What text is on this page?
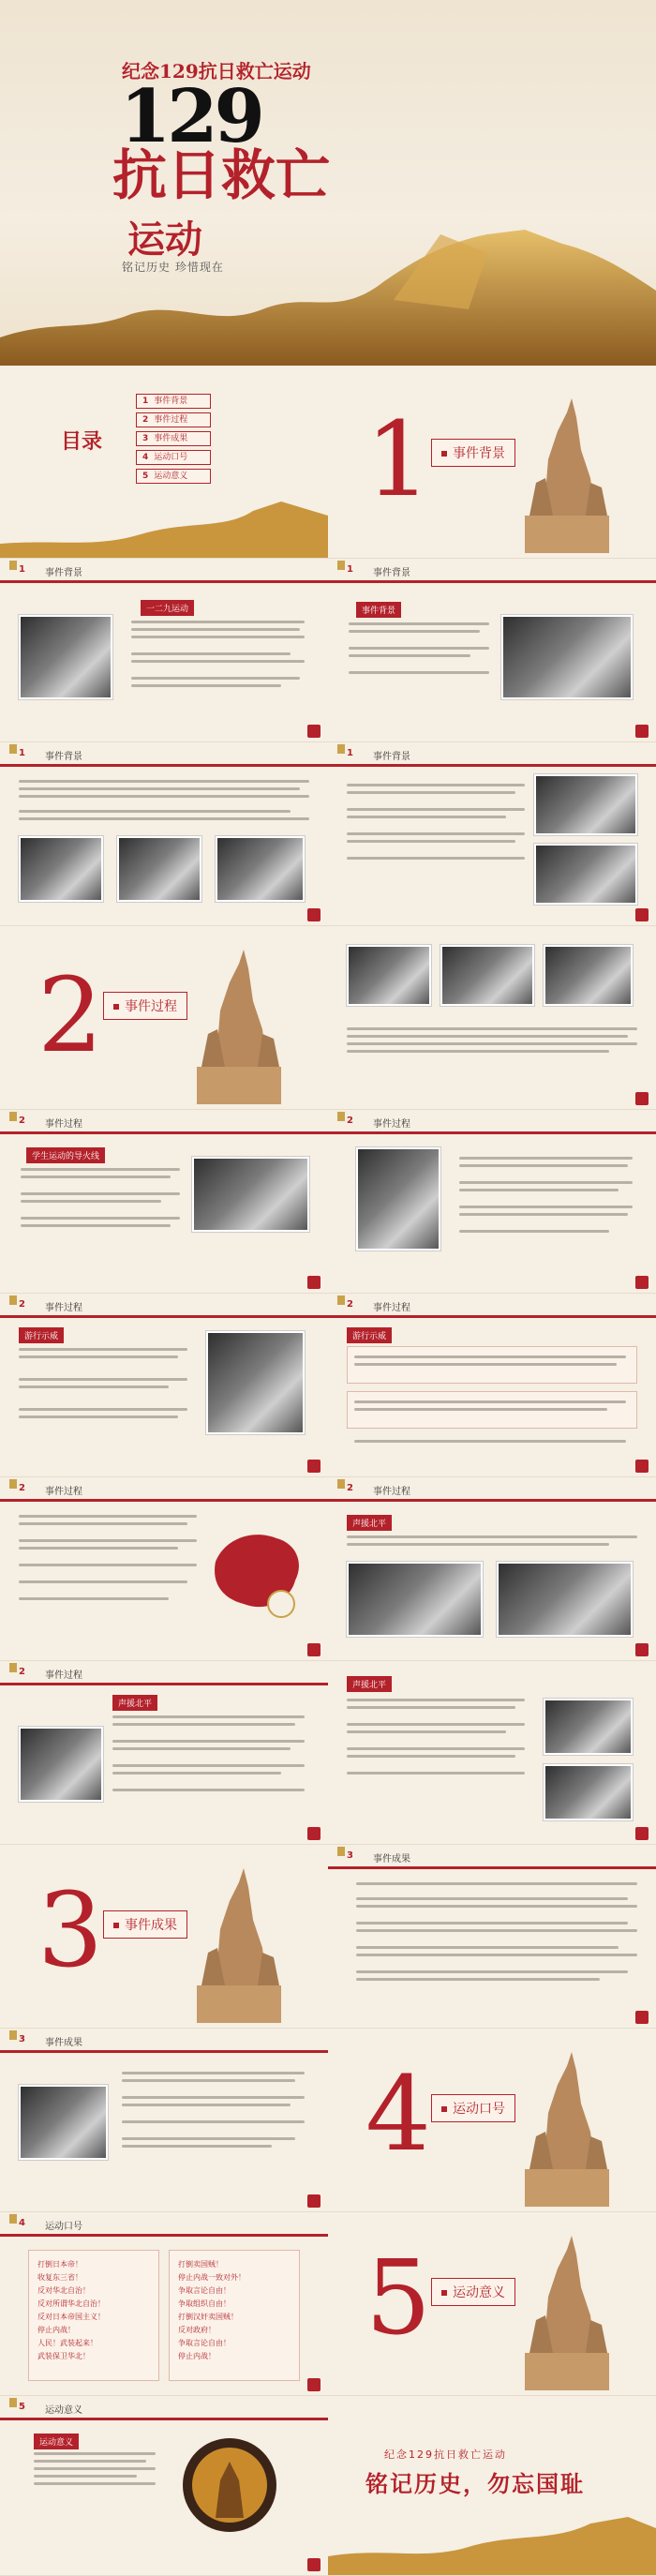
纪念129抗日救亡运动
129
抗日救亡
运动
铭记历史 珍惜现在
目录
1 事件背景
2 事件过程
3 事件成果
4 运动口号
5 运动意义 1	事件背景
1 事件背景
一二九运动
1 事件背景
事件背景
1 事件背景	1 事件背景
2	事件过程
2 事件过程
学生运动的导火线
2 事件过程
2 事件过程
游行示威
2 事件过程
游行示威
2 事件过程	2 事件过程
声援北平
2 事件过程
声援北平
声援北平
3	事件成果
3 事件成果
3 事件成果
4	运动口号
4 运动口号
打倒日本帝！
收复东三省！
反对华北自治！
反对所谓华北自治！
反对日本帝国主义！
停止内战！
人民！武装起来！
武装保卫华北！
打倒卖国贼！
停止内战一致对外！
争取言论自由！
争取组织自由！
打倒汉奸卖国贼！
反对政府！
争取言论自由！
停止内战！ 5	运动意义
5 运动意义
运动意义
纪念129抗日救亡运动
铭记历史，勿忘国耻
